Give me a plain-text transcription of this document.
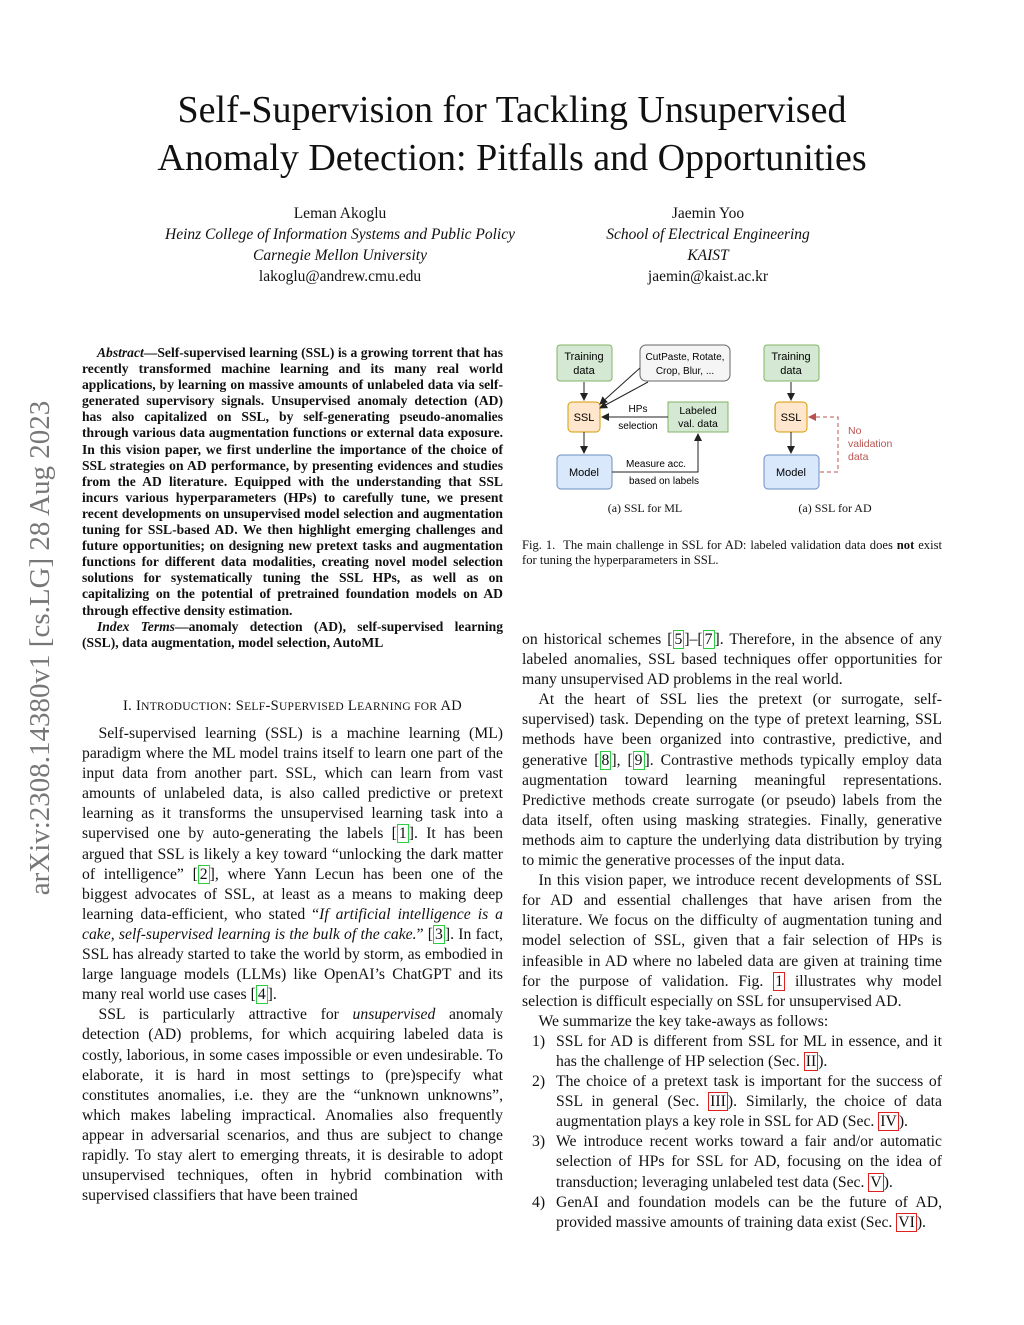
Self-Supervision for Tackling Unsupervised
Anomaly Detection: Pitfalls and Opportunities
Leman Akoglu
Heinz College of Information Systems and Public Policy
Carnegie Mellon University
lakoglu@andrew.cmu.edu
Jaemin Yoo
School of Electrical Engineering
KAIST
jaemin@kaist.ac.kr
arXiv:2308.14380v1 [cs.LG] 28 Aug 2023

Abstract—Self-supervised learning (SSL) is a growing torrent that has recently transformed machine learning and its many real world applications, by learning on massive amounts of unlabeled data via self-generated supervisory signals. Unsupervised anomaly detection (AD) has also capitalized on SSL, by self-generating pseudo-anomalies through various data augmentation functions or external data exposure. In this vision paper, we first underline the importance of the choice of SSL strategies on AD performance, by presenting evidences and studies from the AD literature. Equipped with the understanding that SSL incurs various hyperparameters (HPs) to carefully tune, we present recent developments on unsupervised model selection and augmentation tuning for SSL-based AD. We then highlight emerging challenges and future opportunities; on designing new pretext tasks and augmentation functions for different data modalities, creating novel model selection solutions for systematically tuning the SSL HPs, as well as on capitalizing on the potential of pretrained foundation models on AD through effective density estimation.

Index Terms—anomaly detection (AD), self-supervised learning (SSL), data augmentation, model selection, AutoML

I. INTRODUCTION: SELF-SUPERVISED LEARNING FOR AD

Self-supervised learning (SSL) is a machine learning (ML) paradigm where the ML model trains itself to learn one part of the input data from another part. SSL, which can learn from vast amounts of unlabeled data, is also called predictive or pretext learning as it transforms the unsupervised learning task into a supervised one by auto-generating the labels [ 1 ]. It has been argued that SSL is likely a key toward “unlocking the dark matter of intelligence” [ 2 ], where Yann Lecun has been one of the biggest advocates of SSL, at least as a means to making deep learning data-efficient, who stated “If artificial intelligence is a cake, self-supervised learning is the bulk of the cake.” [ 3 ]. In fact, SSL has already started to take the world by storm, as embodied in large language models (LLMs) like OpenAI’s ChatGPT and its many real world use cases [ 4 ].

SSL is particularly attractive for unsupervised anomaly detection (AD) problems, for which acquiring labeled data is costly, laborious, in some cases impossible or even undesirable. To elaborate, it is hard in most settings to (pre)specify what constitutes anomalies, i.e. they are the “unknown unknowns”, which makes labeling impractical. Anomalies also frequently appear in adversarial scenarios, and thus are subject to change rapidly. To stay alert to emerging threats, it is desirable to adopt unsupervised techniques, often in hybrid combination with supervised classifiers that have been trained

Training
data
CutPaste, Rotate,
Crop, Blur, ...
SSL
Labeled
val. data
HPs
selection
Model
Measure acc.
based on labels
Training
data
SSL
Model
No
validation
data
(a) SSL for ML	(a) SSL for AD
Fig. 1. The main challenge in SSL for AD: labeled validation data does not exist for tuning the hyperparameters in SSL.

on historical schemes [ 5 ]–[ 7 ]. Therefore, in the absence of any labeled anomalies, SSL based techniques offer opportunities for many unsupervised AD problems in the real world.

At the heart of SSL lies the pretext (or surrogate, self-supervised) task. Depending on the type of pretext learning, SSL methods have been organized into contrastive, predictive, and generative [ 8 ], [ 9 ]. Contrastive methods typically employ data augmentation toward learning meaningful representations. Predictive methods create surrogate (or pseudo) labels from the data itself, often using masking strategies. Finally, generative methods aim to capture the underlying data distribution by trying to mimic the generative processes of the input data.

In this vision paper, we introduce recent developments of SSL for AD and essential challenges that have arisen from the literature. We focus on the difficulty of augmentation tuning and model selection of SSL, given that a fair selection of HPs is infeasible in AD where no labeled data are given at training time for the purpose of validation. Fig. 1 illustrates why model selection is difficult especially on SSL for unsupervised AD.

We summarize the key take-aways as follows:

1) SSL for AD is different from SSL for ML in essence, and it has the challenge of HP selection (Sec. II ).
2) The choice of a pretext task is important for the success of SSL in general (Sec. III ). Similarly, the choice of data augmentation plays a key role in SSL for AD (Sec. IV ).
3) We introduce recent works toward a fair and/or automatic selection of HPs for SSL for AD, focusing on the idea of transduction; leveraging unlabeled test data (Sec. V ).
4) GenAI and foundation models can be the future of AD, provided massive amounts of training data exist (Sec. VI ).
